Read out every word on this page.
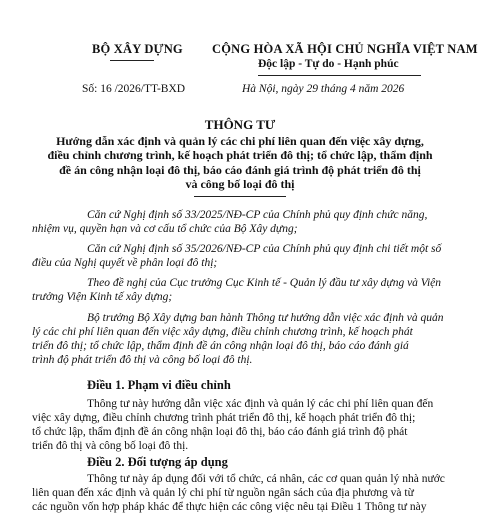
BỘ XÂY DỰNG CỘNG HÒA XÃ HỘI CHỦ NGHĨA VIỆT NAM
Độc lập - Tự do - Hạnh phúc
Số: 16 /2026/TT-BXD	Hà Nội, ngày 29 tháng 4 năm 2026
THÔNG TƯ
Hướng dẫn xác định và quản lý các chi phí liên quan đến việc xây dựng,
điều chỉnh chương trình, kế hoạch phát triển đô thị; tổ chức lập, thẩm định
đề án công nhận loại đô thị, báo cáo đánh giá trình độ phát triển đô thị
và công bố loại đô thị
Căn cứ Nghị định số 33/2025/NĐ-CP của Chính phủ quy định chức năng,
nhiệm vụ, quyền hạn và cơ cấu tổ chức của Bộ Xây dựng;
Căn cứ Nghị định số 35/2026/NĐ-CP của Chính phủ quy định chi tiết một số
điều của Nghị quyết về phân loại đô thị;
Theo đề nghị của Cục trưởng Cục Kinh tế - Quản lý đầu tư xây dựng và Viện
trưởng Viện Kinh tế xây dựng;
Bộ trưởng Bộ Xây dựng ban hành Thông tư hướng dẫn việc xác định và quản
lý các chi phí liên quan đến việc xây dựng, điều chỉnh chương trình, kế hoạch phát
triển đô thị; tổ chức lập, thẩm định đề án công nhận loại đô thị, báo cáo đánh giá
trình độ phát triển đô thị và công bố loại đô thị.
Điều 1. Phạm vi điều chỉnh
Thông tư này hướng dẫn việc xác định và quản lý các chi phí liên quan đến
việc xây dựng, điều chỉnh chương trình phát triển đô thị, kế hoạch phát triển đô thị;
tổ chức lập, thẩm định đề án công nhận loại đô thị, báo cáo đánh giá trình độ phát
triển đô thị và công bố loại đô thị.
Điều 2. Đối tượng áp dụng
Thông tư này áp dụng đối với tổ chức, cá nhân, các cơ quan quản lý nhà nước
liên quan đến xác định và quản lý chi phí từ nguồn ngân sách của địa phương và từ
các nguồn vốn hợp pháp khác để thực hiện các công việc nêu tại Điều 1 Thông tư này
